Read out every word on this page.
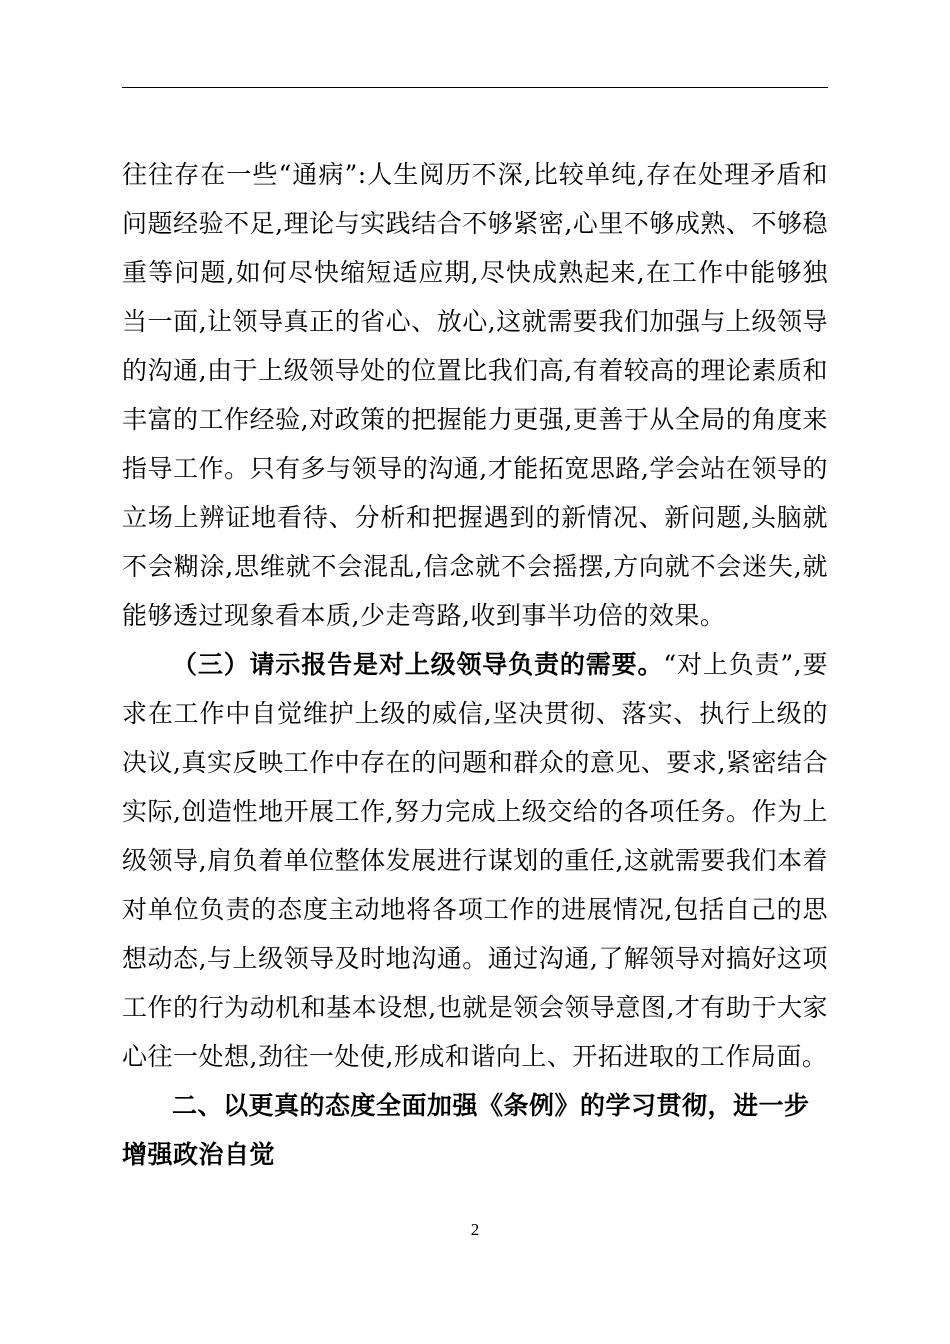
往往存在一些“通病”:人生阅历不深,比较单纯,存在处理矛盾和问题经验不足,理论与实践结合不够紧密,心里不够成熟、不够稳重等问题,如何尽快缩短适应期,尽快成熟起来,在工作中能够独当一面,让领导真正的省心、放心,这就需要我们加强与上级领导的沟通,由于上级领导处的位置比我们高,有着较高的理论素质和丰富的工作经验,对政策的把握能力更强,更善于从全局的角度来指导工作。只有多与领导的沟通,才能拓宽思路,学会站在领导的立场上辨证地看待、分析和把握遇到的新情况、新问题,头脑就不会糊涂,思维就不会混乱,信念就不会摇摆,方向就不会迷失,就能够透过现象看本质,少走弯路,收到事半功倍的效果。

（三）请示报告是对上级领导负责的需要。“对上负责”,要求在工作中自觉维护上级的威信,坚决贯彻、落实、执行上级的决议,真实反映工作中存在的问题和群众的意见、要求,紧密结合实际,创造性地开展工作,努力完成上级交给的各项任务。作为上级领导,肩负着单位整体发展进行谋划的重任,这就需要我们本着对单位负责的态度主动地将各项工作的进展情况,包括自己的思想动态,与上级领导及时地沟通。通过沟通,了解领导对搞好这项工作的行为动机和基本设想,也就是领会领导意图,才有助于大家心往一处想,劲往一处使,形成和谐向上、开拓进取的工作局面。

二、以更真的态度全面加强《条例》的学习贯彻，进一步增强政治自觉

2
